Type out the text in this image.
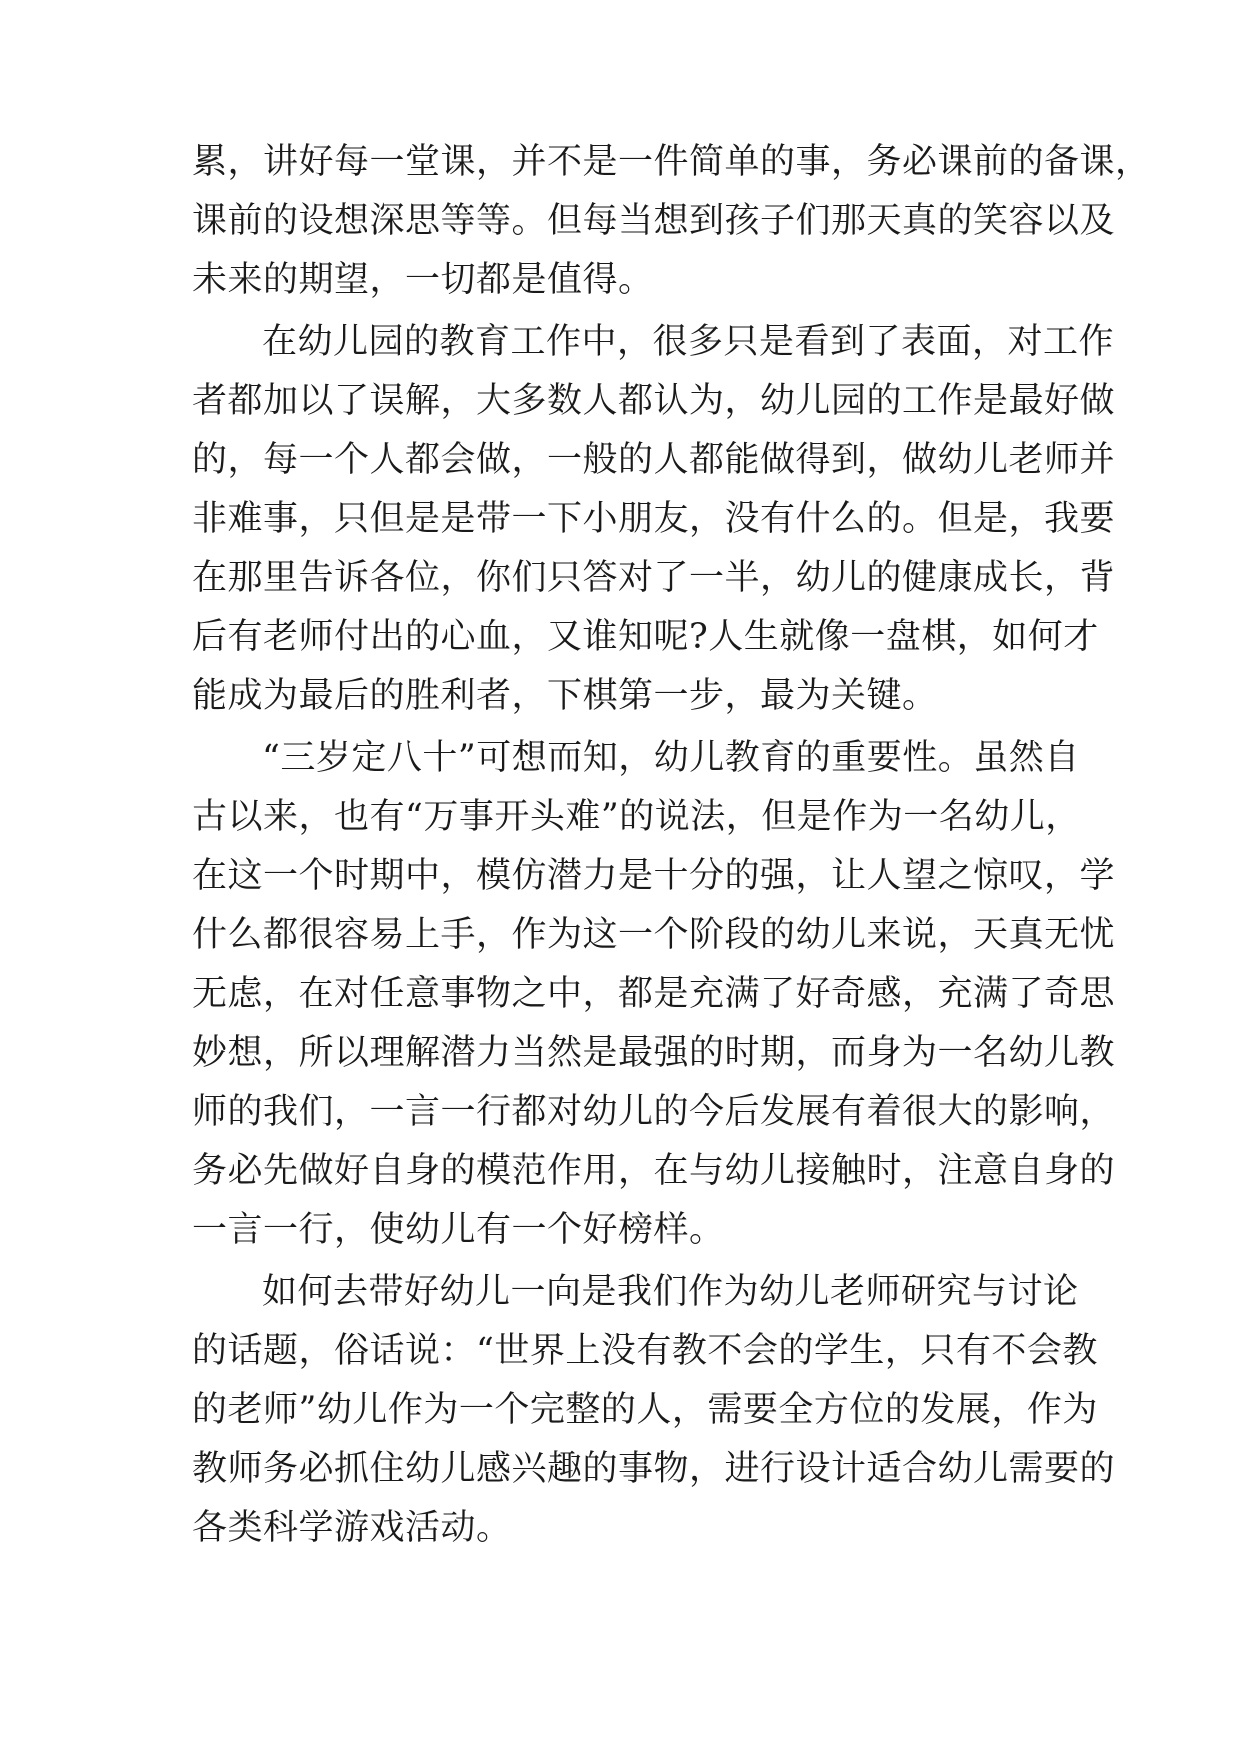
累，讲好每一堂课，并不是一件简单的事，务必课前的备课，
课前的设想深思等等。但每当想到孩子们那天真的笑容以及
未来的期望，一切都是值得。
在幼儿园的教育工作中，很多只是看到了表面，对工作
者都加以了误解，大多数人都认为，幼儿园的工作是最好做
的，每一个人都会做，一般的人都能做得到，做幼儿老师并
非难事，只但是是带一下小朋友，没有什么的。但是，我要
在那里告诉各位，你们只答对了一半，幼儿的健康成长，背
后有老师付出的心血，又谁知呢?人生就像一盘棋，如何才
能成为最后的胜利者，下棋第一步，最为关键。
“三岁定八十”可想而知，幼儿教育的重要性。虽然自
古以来，也有“万事开头难”的说法，但是作为一名幼儿，
在这一个时期中，模仿潜力是十分的强，让人望之惊叹，学
什么都很容易上手，作为这一个阶段的幼儿来说，天真无忧
无虑，在对任意事物之中，都是充满了好奇感，充满了奇思
妙想，所以理解潜力当然是最强的时期，而身为一名幼儿教
师的我们，一言一行都对幼儿的今后发展有着很大的影响，
务必先做好自身的模范作用，在与幼儿接触时，注意自身的
一言一行，使幼儿有一个好榜样。
如何去带好幼儿一向是我们作为幼儿老师研究与讨论
的话题，俗话说：“世界上没有教不会的学生，只有不会教
的老师”幼儿作为一个完整的人，需要全方位的发展，作为
教师务必抓住幼儿感兴趣的事物，进行设计适合幼儿需要的
各类科学游戏活动。
